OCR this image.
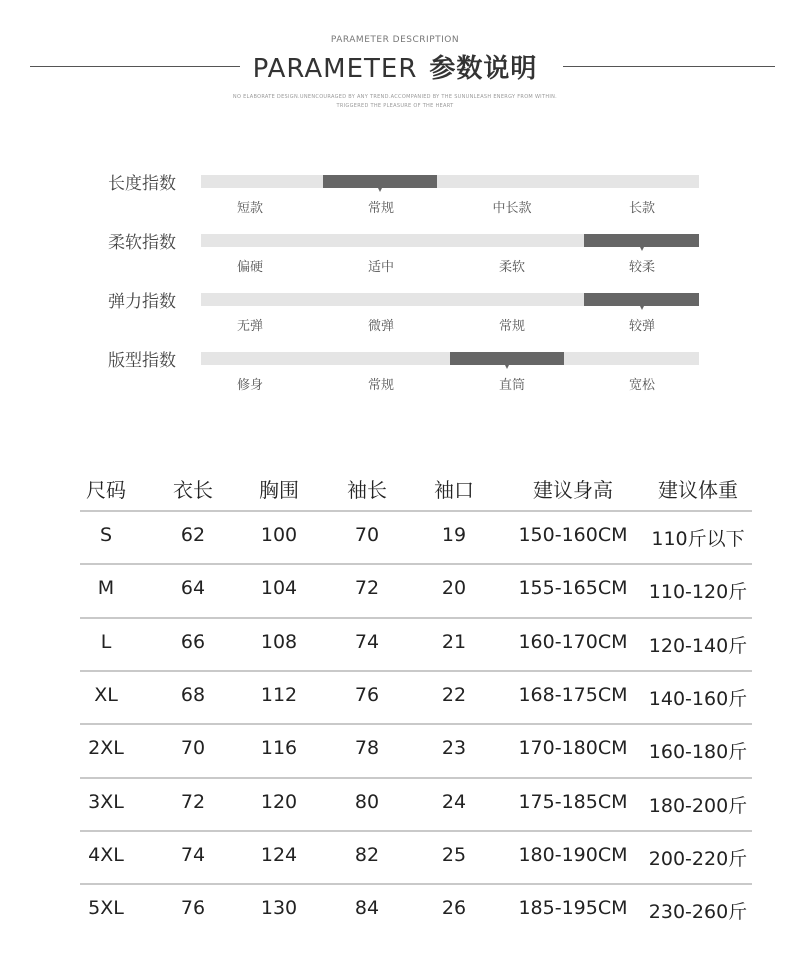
PARAMETER DESCRIPTION
PARAMETER 参数说明
NO ELABORATE DESIGN.UNENCOURAGED BY ANY TREND.ACCOMPANIED BY THE SUNUNLEASH ENERGY FROM WITHIN.
TRIGGERED THE PLEASURE OF THE HEART
长度指数
短款	常规	中长款	长款
柔软指数
偏硬	适中	柔软	较柔
弹力指数
无弹	微弹	常规	较弹
版型指数
修身	常规	直筒	宽松
尺码	衣长	胸围	袖长	袖口	建议身高	建议体重
S	62	100	70	19	150-160CM	110斤以下
M	64	104	72	20	155-165CM	110-120斤
L	66	108	74	21	160-170CM	120-140斤
XL	68	112	76	22	168-175CM	140-160斤
2XL	70	116	78	23	170-180CM	160-180斤
3XL	72	120	80	24	175-185CM	180-200斤
4XL	74	124	82	25	180-190CM	200-220斤
5XL	76	130	84	26	185-195CM	230-260斤
